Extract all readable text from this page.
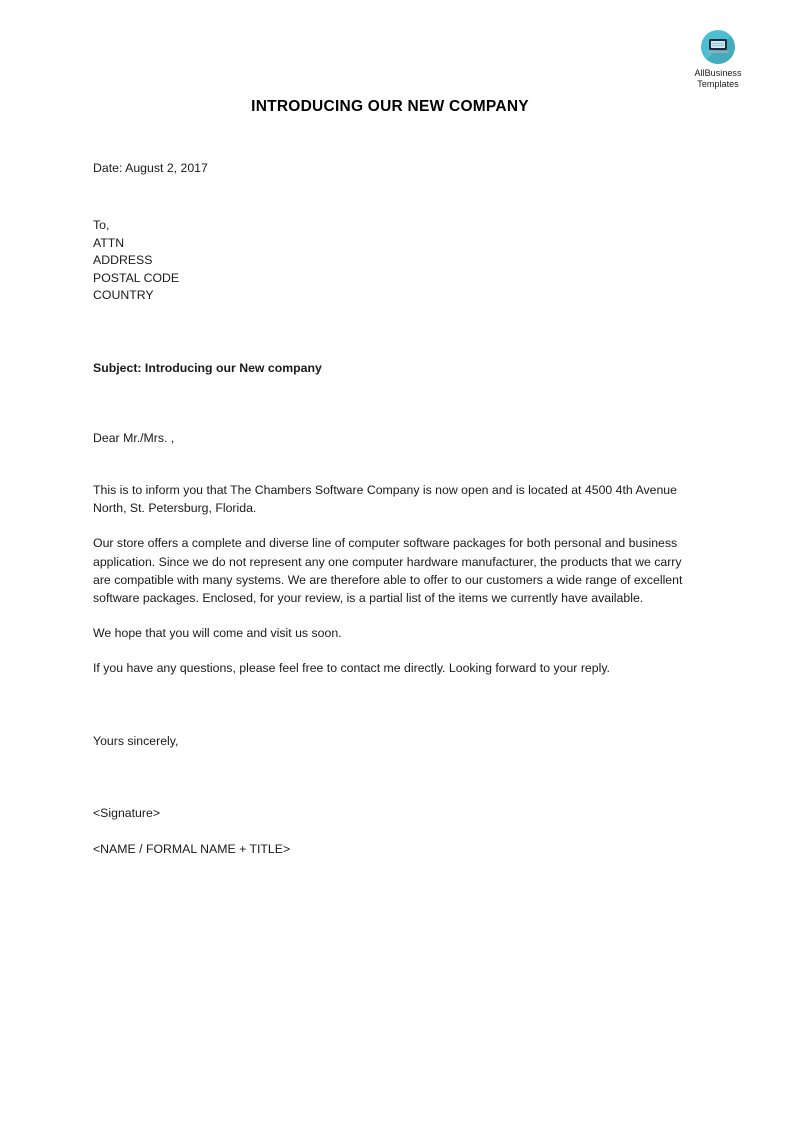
AllBusiness
Templates
INTRODUCING OUR NEW COMPANY
Date: August 2, 2017
To,
ATTN
ADDRESS
POSTAL CODE
COUNTRY
Subject: Introducing our New company
Dear Mr./Mrs. ,

This is to inform you that The Chambers Software Company is now open and is located at 4500 4th Avenue North, St. Petersburg, Florida.

Our store offers a complete and diverse line of computer software packages for both personal and business application. Since we do not represent any one computer hardware manufacturer, the products that we carry are compatible with many systems. We are therefore able to offer to our customers a wide range of excellent software packages. Enclosed, for your review, is a partial list of the items we currently have available.

We hope that you will come and visit us soon.

If you have any questions, please feel free to contact me directly. Looking forward to your reply.

Yours sincerely,
<Signature>
<NAME / FORMAL NAME + TITLE>
